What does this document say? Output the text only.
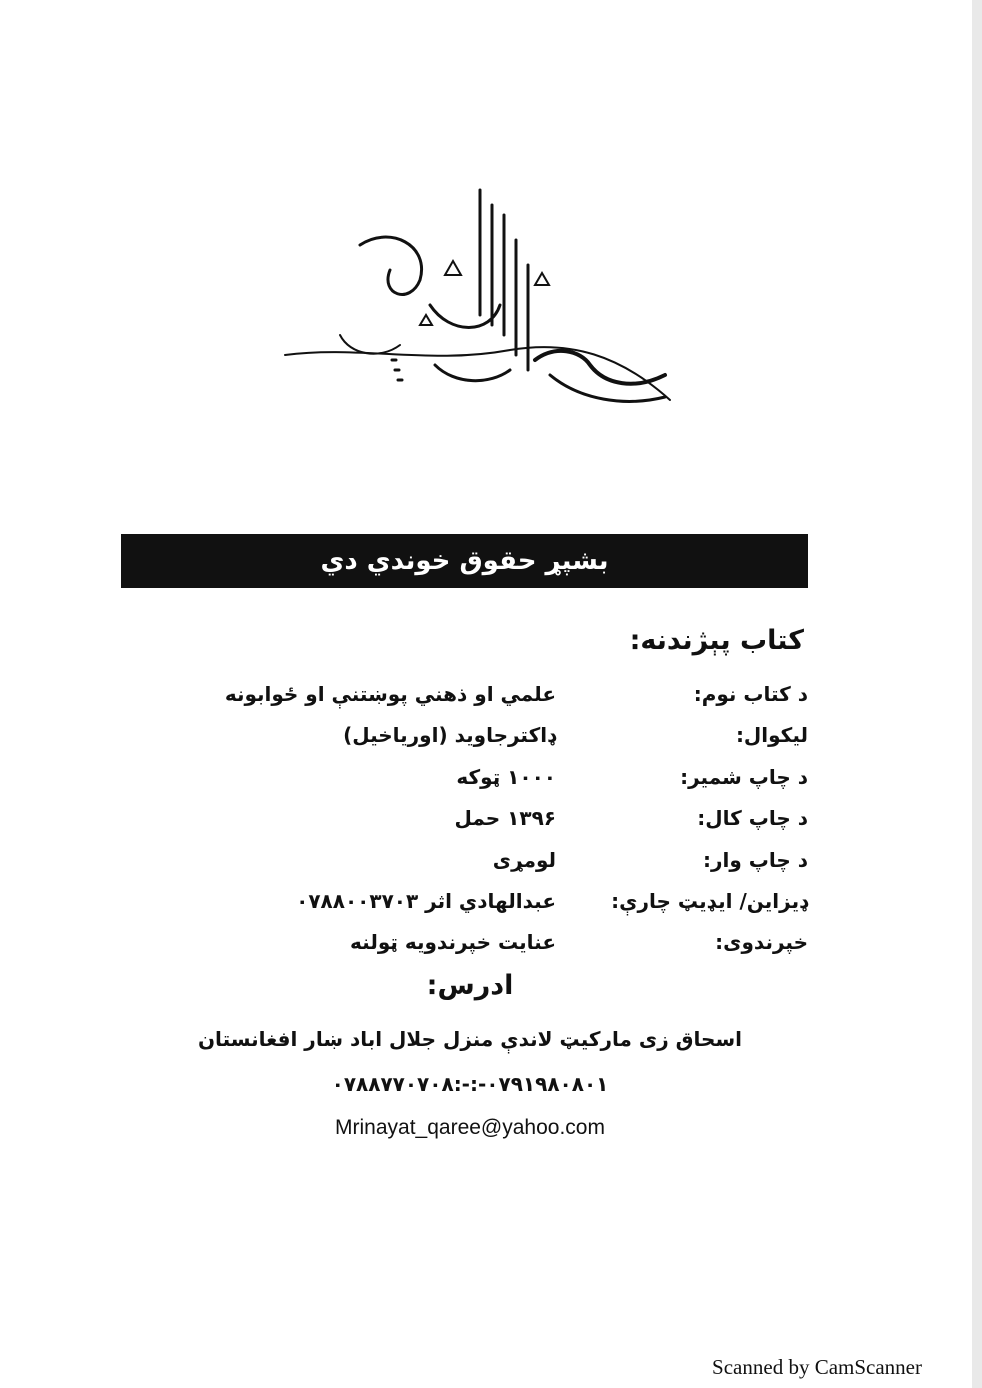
بشپړ حقوق خوندي دي
کتاب پېژندنه:
د کتاب نوم:
علمي او ذهني پوښتنې او ځوابونه
ليکوال:
ډاکترجاويد (اورياخيل)
د چاپ شمير:
۱۰۰۰ ټوکه
د چاپ کال:
۱۳۹۶ حمل
د چاپ وار:
لومړی
ډیزاين/ ايډيټ چارې:
عبدالهادي اثر ۰۷۸۸۰۰۳۷۰۳
خپرندوی:
عنايت خپرندويه ټولنه
ادرس:
اسحاق زی مارکيټ لاندې منزل جلال اباد ښار افغانستان
۰۷۹۱۹۸۰۸۰۱-:-:۰۷۸۸۷۷۰۷۰۸
Mrinayat_qaree@yahoo.com
Scanned by CamScanner
